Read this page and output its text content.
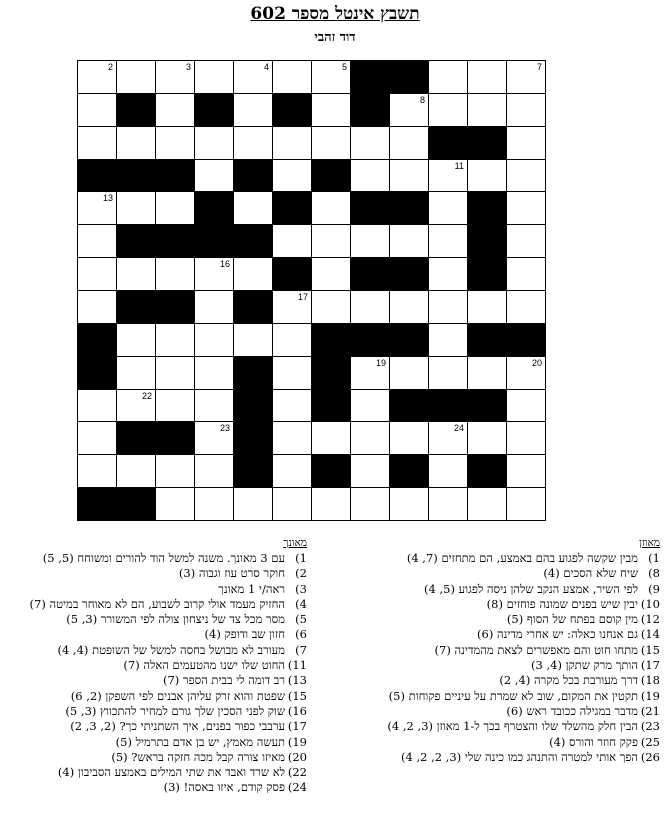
תשבץ אינטל מספר 602
דוד זהבי
7
5
4
3
2
8
11
13
16
17
20
19
22
24
23
מאוזן
1)מבין שקשה לפגוע בהם באמצע, הם מתחזים (7, 4)
8)שיח שלא הסכים (4)
9)לפי השיר, אמצע הנקב שלהן ניסה לפגוע (5, 4)
10)יבין שיש בפנים שמונה פוחזים (8)
12)מין קוסם בפתח של הסוף (5)
14)גם אנחנו כאלה: יש אחרי מדינה (6)
15)מתחו חוט והם מאפשרים לצאת מהמדינה (7)
17)הותך מרק שתקן (4, 3)
18)דרך מעורבת בכל מקרה (4, 2)
19)תקטין את המקום, שוב לא שמרת על עיניים פקוחות (5)
21)מדבר במגילה ככובד ראש (6)
23)הבין חלק מהשלד שלו והצטרף בכך ל-1 מאוזן (3, 2, 4)
25)פקק חוזר והורס (4)
26)הפך אותי למטרה והתנהג כמו כינה שלי (3, 2, 2, 4)
מאונך
1)עם 3 מאונך. משנה למשל הוד להורים ומשוחח (5, 5)
2)חוקר סרט עוז וגבוה (3)
3)ראה/י 1 מאונך
4)החזיק מעמד אולי קרוב לשבוע, הם לא מאוחר במיטה (7)
5)מסר מכל צד של ניצחון צולה לפי המשורר (3, 5)
6)חזון שב ודופק (4)
7)מעורב לא מבושל בחסה למשל של השופטת (4, 4)
11)החוט שלו ישנו מהטעמים האלה (7)
13)רב דומה לי בבית הספר (7)
15)שפטת והוא זרק עליהן אבנים לפי השפקן (2, 6)
16)שוק לפני הסכין שלך גורם למחיר להתכווץ (3, 5)
17)ערבבי כפור בפנים, איך השתניתי כך? (2, 3, 2)
19)תעשה מאמץ, יש בן אדם בתרמיל (5)
20)מאיזו צורה קבל מכה חזקה בראש? (5)
22)לא שרד ואבד את שתי המילים באמצע הסביבון (4)
24)פסק קודם, איזו באסה! (3)
